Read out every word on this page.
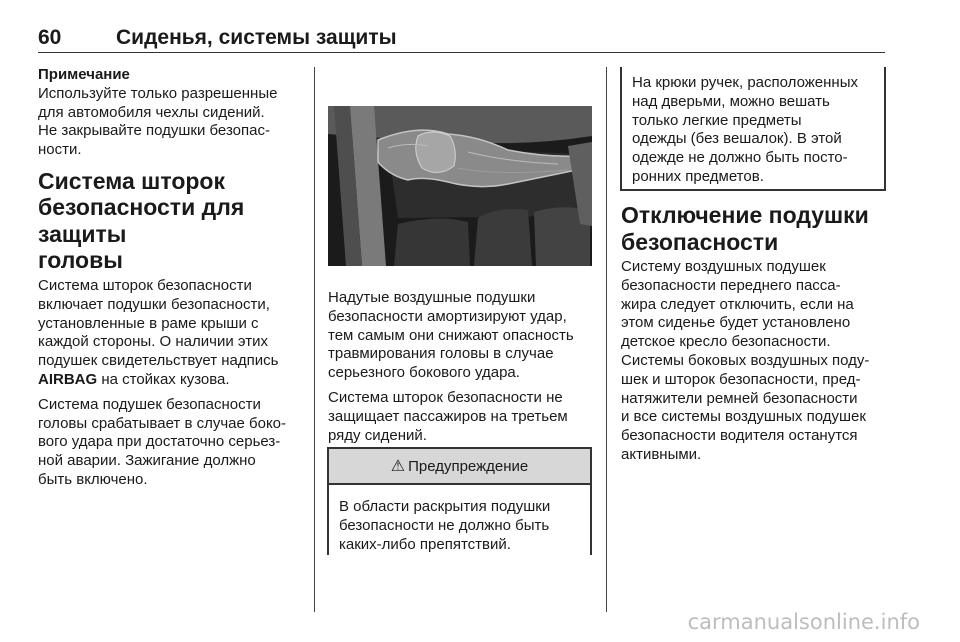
60	Сиденья, системы защиты
Примечание

Используйте только разрешенные

для автомобиля чехлы сидений.

Не закрывайте подушки безопас-

ности.

Система шторок
безопасности для защиты
головы

Система шторок безопасности

включает подушки безопасности,

установленные в раме крыши с

каждой стороны. О наличии этих

подушек свидетельствует надпись

AIRBAG на стойках кузова.

Система подушек безопасности

головы срабатывает в случае боко-

вого удара при достаточно серьез-

ной аварии. Зажигание должно

быть включено.

Надутые воздушные подушки

безопасности амортизируют удар,

тем самым они снижают опасность

травмирования головы в случае

серьезного бокового удара.

Система шторок безопасности не

защищает пассажиров на третьем

ряду сидений.

⚠ Предупреждение

В области раскрытия подушки

безопасности не должно быть

каких-либо препятствий.

На крюки ручек, расположенных

над дверьми, можно вешать

только легкие предметы

одежды (без вешалок). В этой

одежде не должно быть посто-

ронних предметов.

Отключение подушки
безопасности

Систему воздушных подушек

безопасности переднего пасса-

жира следует отключить, если на

этом сиденье будет установлено

детское кресло безопасности.

Системы боковых воздушных поду-

шек и шторок безопасности, пред-

натяжители ремней безопасности

и все системы воздушных подушек

безопасности водителя останутся

активными.

carmanualsonline.info
